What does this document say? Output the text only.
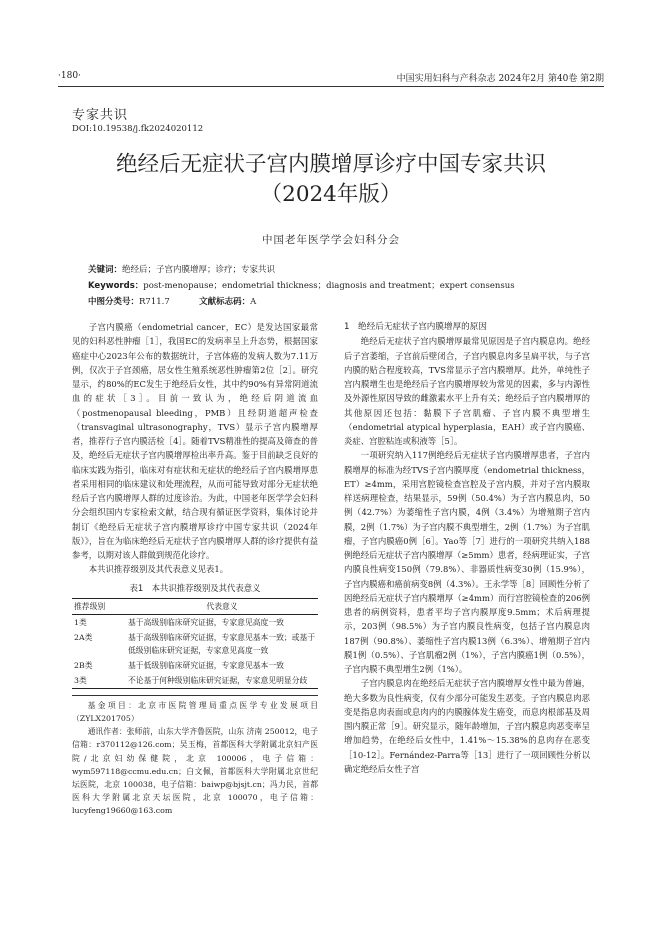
·180·	中国实用妇科与产科杂志 2024年2月 第40卷 第2期
专家共识
DOI:10.19538/j.fk2024020112
绝经后无症状子宫内膜增厚诊疗中国专家共识
（2024年版）
中国老年医学学会妇科分会
关键词：绝经后；子宫内膜增厚；诊疗；专家共识
Keywords：post-menopause；endometrial thickness；diagnosis and treatment；expert consensus
中图分类号：R711.7	文献标志码：A

子宫内膜癌（endometrial cancer，EC）是发达国家最常见的妇科恶性肿瘤［1］，我国EC的发病率呈上升态势，根据国家癌症中心2023年公布的数据统计，子宫体癌的发病人数为7.11万例，仅次于子宫颈癌，居女性生殖系统恶性肿瘤第2位［2］。研究显示，约80%的EC发生于绝经后女性，其中约90%有异常阴道流血的症状［3］。目前一致认为，绝经后阴道流血（postmenopausal bleeding，PMB）且经阴道超声检查（transvaginal ultrasonography，TVS）显示子宫内膜增厚者，推荐行子宫内膜活检［4］。随着TVS精准性的提高及筛查的普及，绝经后无症状子宫内膜增厚检出率升高。鉴于目前缺乏良好的临床实践为指引，临床对有症状和无症状的绝经后子宫内膜增厚患者采用相同的临床建议和处理流程，从而可能导致对部分无症状绝经后子宫内膜增厚人群的过度诊治。为此，中国老年医学学会妇科分会组织国内专家检索文献，结合现有循证医学资料，集体讨论并制订《绝经后无症状子宫内膜增厚诊疗中国专家共识（2024年版）》，旨在为临床绝经后无症状子宫内膜增厚人群的诊疗提供有益参考，以期对该人群做到规范化诊疗。

本共识推荐级别及其代表意义见表1。

表1　本共识推荐级别及其代表意义
推荐级别	代表意义
1类	基于高级别临床研究证据，专家意见高度一致
2A类	基于高级别临床研究证据，专家意见基本一致；或基于低级别临床研究证据，专家意见高度一致
2B类	基于低级别临床研究证据，专家意见基本一致
3类	不论基于何种级别临床研究证据，专家意见明显分歧

基金项目：北京市医院管理局重点医学专业发展项目（ZYLX201705）

通讯作者：张师前，山东大学齐鲁医院，山东 济南 250012，电子信箱：r370112@126.com；吴玉梅，首都医科大学附属北京妇产医院/北京妇幼保健院，北京 100006，电子信箱：wym597118@ccmu.edu.cn；白文佩，首都医科大学附属北京世纪坛医院，北京 100038，电子信箱：baiwp@bjsjt.cn；冯力民，首都医科大学附属北京天坛医院，北京 100070，电子信箱：lucyfeng19660@163.com

1　绝经后无症状子宫内膜增厚的原因

绝经后无症状子宫内膜增厚最常见原因是子宫内膜息肉。绝经后子宫萎缩，子宫前后壁闭合，子宫内膜息肉多呈扁平状，与子宫内膜的贴合程度较高，TVS常显示子宫内膜增厚。此外，单纯性子宫内膜增生也是绝经后子宫内膜增厚较为常见的因素，多与内源性及外源性原因导致的雌激素水平上升有关；绝经后子宫内膜增厚的其他原因还包括：黏膜下子宫肌瘤、子宫内膜不典型增生（endometrial atypical hyperplasia，EAH）或子宫内膜癌、炎症、宫腔粘连或积液等［5］。

一项研究纳入117例绝经后无症状子宫内膜增厚患者，子宫内膜增厚的标准为经TVS子宫内膜厚度（endometrial thickness，ET）≥4mm，采用宫腔镜检查宫腔及子宫内膜，并对子宫内膜取样送病理检查，结果显示，59例（50.4%）为子宫内膜息肉，50例（42.7%）为萎缩性子宫内膜，4例（3.4%）为增殖期子宫内膜，2例（1.7%）为子宫内膜不典型增生，2例（1.7%）为子宫肌瘤，子宫内膜癌0例［6］。Yao等［7］进行的一项研究共纳入188例绝经后无症状子宫内膜增厚（≥5mm）患者，经病理证实，子宫内膜良性病变150例（79.8%）、非器质性病变30例（15.9%），子宫内膜癌和癌前病变8例（4.3%）。王永学等［8］回顾性分析了因绝经后无症状子宫内膜增厚（≥4mm）而行宫腔镜检查的206例患者的病例资料，患者平均子宫内膜厚度9.5mm；术后病理提示，203例（98.5%）为子宫内膜良性病变，包括子宫内膜息肉187例（90.8%）、萎缩性子宫内膜13例（6.3%）、增殖期子宫内膜1例（0.5%）、子宫肌瘤2例（1%），子宫内膜癌1例（0.5%），子宫内膜不典型增生2例（1%）。

子宫内膜息肉在绝经后无症状子宫内膜增厚女性中最为普遍，绝大多数为良性病变，仅有少部分可能发生恶变。子宫内膜息肉恶变是指息肉表面或息肉内的内膜腺体发生癌变，而息肉根部基及周围内膜正常［9］。研究显示，随年龄增加，子宫内膜息肉恶变率呈增加趋势，在绝经后女性中，1.41%～15.38%的息肉存在恶变［10-12］。Fernández-Parra等［13］进行了一项回顾性分析以确定绝经后女性子宫
